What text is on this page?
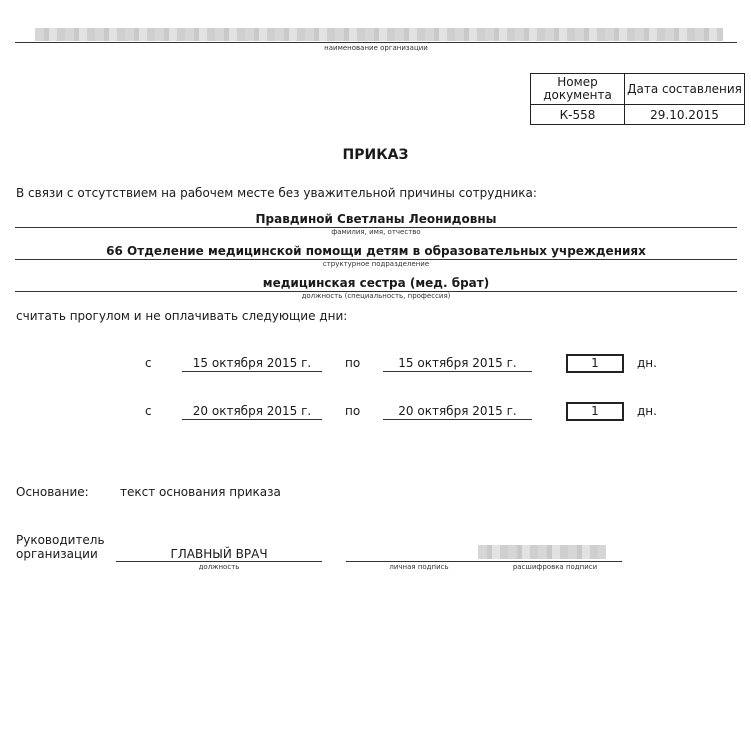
наименование организации
Номер документа	Дата составления
К-558	29.10.2015
ПРИКАЗ
В связи с отсутствием на рабочем месте без уважительной причины сотрудника:
Правдиной Светланы Леонидовны
фамилия, имя, отчество
66 Отделение медицинской помощи детям в образовательных учреждениях
структурное подразделение
медицинская сестра (мед. брат)
должность (специальность, профессия)
считать прогулом и не оплачивать следующие дни:
с	15 октября 2015 г.	по	15 октября 2015 г.	1	дн.
с	20 октября 2015 г.	по	20 октября 2015 г.	1	дн.
Основание:	текст основания приказа
Руководитель
организации	ГЛАВНЫЙ ВРАЧ
должность	личная подпись	расшифровка подписи
